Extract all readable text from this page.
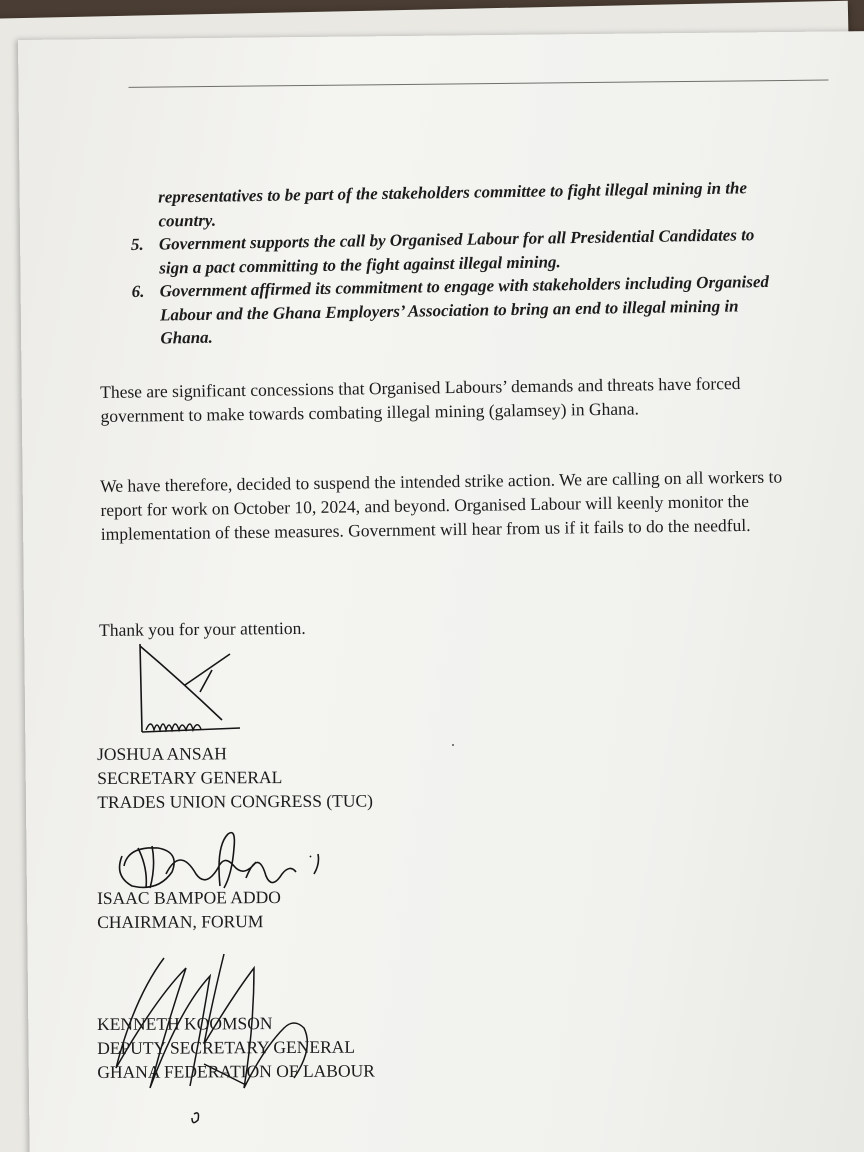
representatives to be part of the stakeholders committee to fight illegal mining in the country.
5. Government supports the call by Organised Labour for all Presidential Candidates to sign a pact committing to the fight against illegal mining.
6. Government affirmed its commitment to engage with stakeholders including Organised Labour and the Ghana Employers’ Association to bring an end to illegal mining in Ghana.
These are significant concessions that Organised Labours’ demands and threats have forced government to make towards combating illegal mining (galamsey) in Ghana.
We have therefore, decided to suspend the intended strike action. We are calling on all workers to report for work on October 10, 2024, and beyond. Organised Labour will keenly monitor the implementation of these measures. Government will hear from us if it fails to do the needful.
Thank you for your attention.
JOSHUA ANSAH
SECRETARY GENERAL
TRADES UNION CONGRESS (TUC)
ISAAC BAMPOE ADDO
CHAIRMAN, FORUM
KENNETH KOOMSON
DEPUTY SECRETARY GENERAL
GHANA FEDERATION OF LABOUR
